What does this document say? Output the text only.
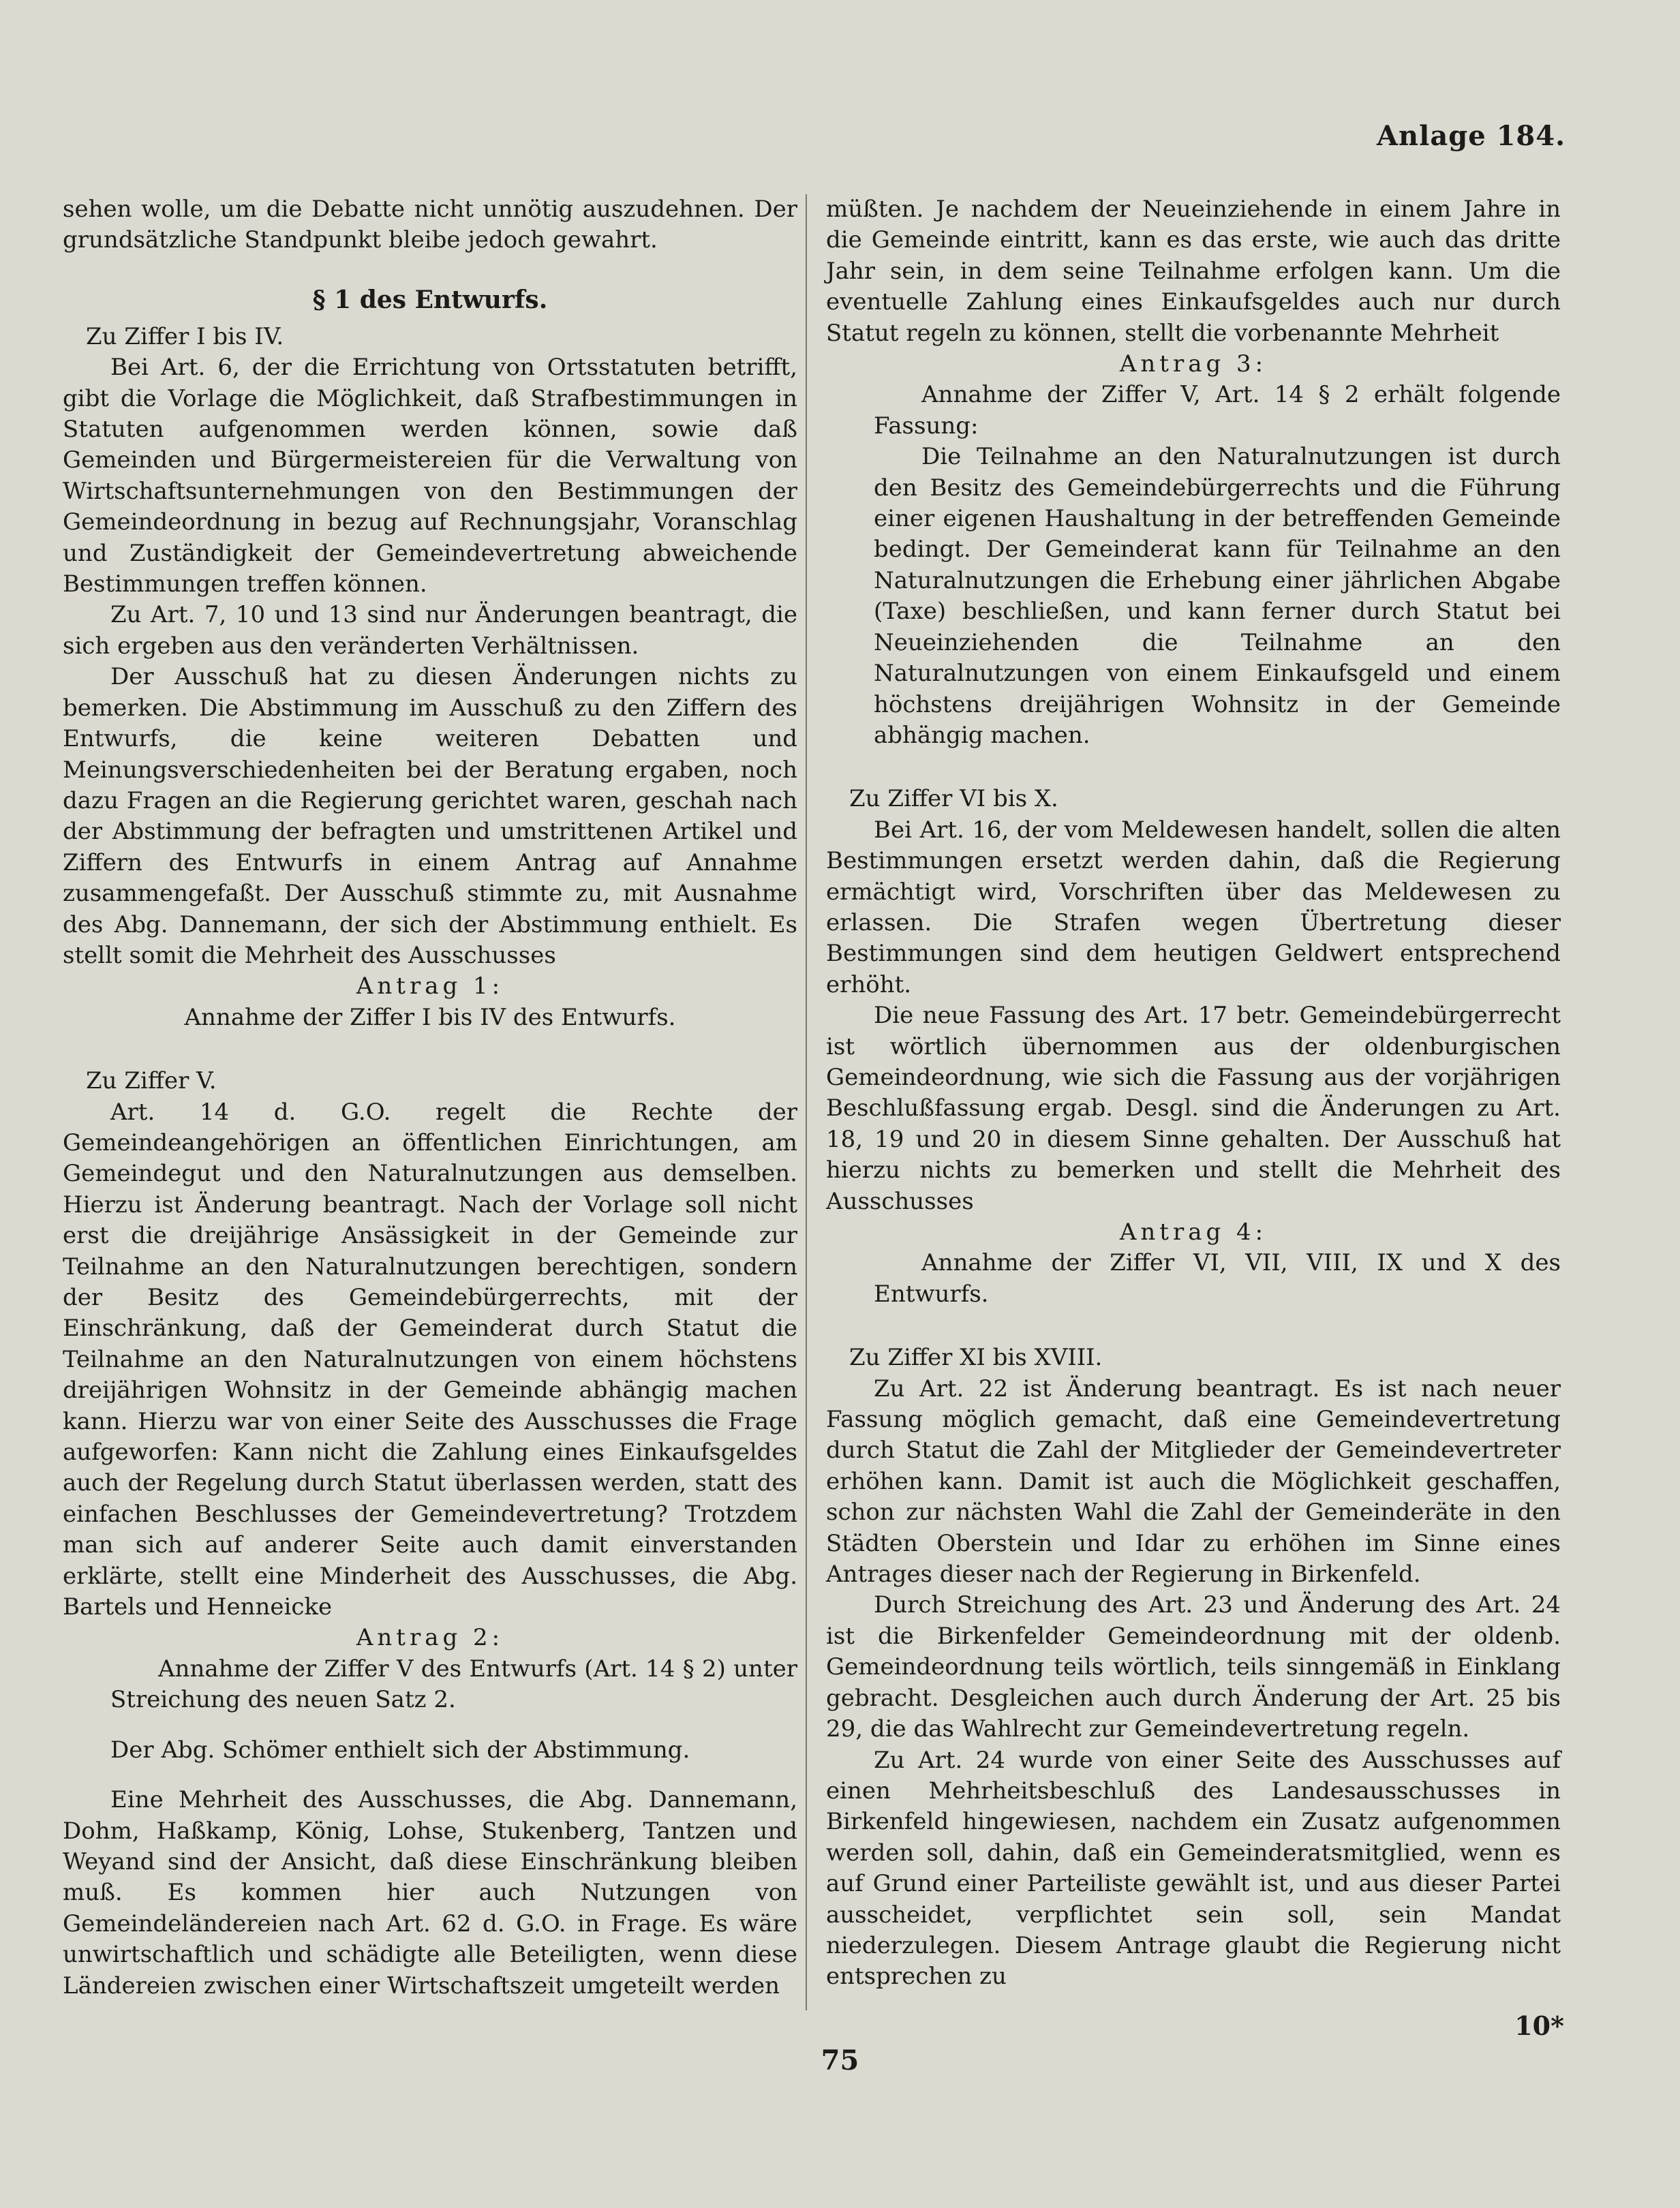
Anlage 184.

sehen wolle, um die Debatte nicht unnötig auszudehnen. Der grundsätzliche Standpunkt bleibe jedoch gewahrt.

§ 1 des Entwurfs.

Zu Ziffer I bis IV.

Bei Art. 6, der die Errichtung von Ortsstatuten betrifft, gibt die Vorlage die Möglichkeit, daß Strafbestimmungen in Statuten aufgenommen werden können, sowie daß Gemeinden und Bürgermeistereien für die Verwaltung von Wirtschaftsunternehmungen von den Bestimmungen der Gemeindeordnung in bezug auf Rechnungsjahr, Voranschlag und Zuständigkeit der Gemeindevertretung abweichende Bestimmungen treffen können.

Zu Art. 7, 10 und 13 sind nur Änderungen beantragt, die sich ergeben aus den veränderten Verhältnissen.

Der Ausschuß hat zu diesen Änderungen nichts zu bemerken. Die Abstimmung im Ausschuß zu den Ziffern des Entwurfs, die keine weiteren Debatten und Meinungsverschiedenheiten bei der Beratung ergaben, noch dazu Fragen an die Regierung gerichtet waren, geschah nach der Abstimmung der befragten und umstrittenen Artikel und Ziffern des Entwurfs in einem Antrag auf Annahme zusammengefaßt. Der Ausschuß stimmte zu, mit Ausnahme des Abg. Dannemann, der sich der Abstimmung enthielt. Es stellt somit die Mehrheit des Ausschusses

Antrag 1:

Annahme der Ziffer I bis IV des Entwurfs.

Zu Ziffer V.

Art. 14 d. G.O. regelt die Rechte der Gemeindeangehörigen an öffentlichen Einrichtungen, am Gemeindegut und den Naturalnutzungen aus demselben. Hierzu ist Änderung beantragt. Nach der Vorlage soll nicht erst die dreijährige Ansässigkeit in der Gemeinde zur Teilnahme an den Naturalnutzungen berechtigen, sondern der Besitz des Gemeindebürgerrechts, mit der Einschränkung, daß der Gemeinderat durch Statut die Teilnahme an den Naturalnutzungen von einem höchstens dreijährigen Wohnsitz in der Gemeinde abhängig machen kann. Hierzu war von einer Seite des Ausschusses die Frage aufgeworfen: Kann nicht die Zahlung eines Einkaufsgeldes auch der Regelung durch Statut überlassen werden, statt des einfachen Beschlusses der Gemeindevertretung? Trotzdem man sich auf anderer Seite auch damit einverstanden erklärte, stellt eine Minderheit des Ausschusses, die Abg. Bartels und Henneicke

Antrag 2:

Annahme der Ziffer V des Entwurfs (Art. 14 § 2) unter Streichung des neuen Satz 2.

Der Abg. Schömer enthielt sich der Abstimmung.

Eine Mehrheit des Ausschusses, die Abg. Dannemann, Dohm, Haßkamp, König, Lohse, Stukenberg, Tantzen und Weyand sind der Ansicht, daß diese Einschränkung bleiben muß. Es kommen hier auch Nutzungen von Gemeindeländereien nach Art. 62 d. G.O. in Frage. Es wäre unwirtschaftlich und schädigte alle Beteiligten, wenn diese Ländereien zwischen einer Wirtschaftszeit umgeteilt werden

müßten. Je nachdem der Neueinziehende in einem Jahre in die Gemeinde eintritt, kann es das erste, wie auch das dritte Jahr sein, in dem seine Teilnahme erfolgen kann. Um die eventuelle Zahlung eines Einkaufsgeldes auch nur durch Statut regeln zu können, stellt die vorbenannte Mehrheit

Antrag 3:

Annahme der Ziffer V, Art. 14 § 2 erhält folgende Fassung:

Die Teilnahme an den Naturalnutzungen ist durch den Besitz des Gemeindebürgerrechts und die Führung einer eigenen Haushaltung in der betreffenden Gemeinde bedingt. Der Gemeinderat kann für Teilnahme an den Naturalnutzungen die Erhebung einer jährlichen Abgabe (Taxe) beschließen, und kann ferner durch Statut bei Neueinziehenden die Teilnahme an den Naturalnutzungen von einem Einkaufsgeld und einem höchstens dreijährigen Wohnsitz in der Gemeinde abhängig machen.

Zu Ziffer VI bis X.

Bei Art. 16, der vom Meldewesen handelt, sollen die alten Bestimmungen ersetzt werden dahin, daß die Regierung ermächtigt wird, Vorschriften über das Meldewesen zu erlassen. Die Strafen wegen Übertretung dieser Bestimmungen sind dem heutigen Geldwert entsprechend erhöht.

Die neue Fassung des Art. 17 betr. Gemeindebürgerrecht ist wörtlich übernommen aus der oldenburgischen Gemeindeordnung, wie sich die Fassung aus der vorjährigen Beschlußfassung ergab. Desgl. sind die Änderungen zu Art. 18, 19 und 20 in diesem Sinne gehalten. Der Ausschuß hat hierzu nichts zu bemerken und stellt die Mehrheit des Ausschusses

Antrag 4:

Annahme der Ziffer VI, VII, VIII, IX und X des Entwurfs.

Zu Ziffer XI bis XVIII.

Zu Art. 22 ist Änderung beantragt. Es ist nach neuer Fassung möglich gemacht, daß eine Gemeindevertretung durch Statut die Zahl der Mitglieder der Gemeindevertreter erhöhen kann. Damit ist auch die Möglichkeit geschaffen, schon zur nächsten Wahl die Zahl der Gemeinderäte in den Städten Oberstein und Idar zu erhöhen im Sinne eines Antrages dieser nach der Regierung in Birkenfeld.

Durch Streichung des Art. 23 und Änderung des Art. 24 ist die Birkenfelder Gemeindeordnung mit der oldenb. Gemeindeordnung teils wörtlich, teils sinngemäß in Einklang gebracht. Desgleichen auch durch Änderung der Art. 25 bis 29, die das Wahlrecht zur Gemeindevertretung regeln.

Zu Art. 24 wurde von einer Seite des Ausschusses auf einen Mehrheitsbeschluß des Landesausschusses in Birkenfeld hingewiesen, nachdem ein Zusatz aufgenommen werden soll, dahin, daß ein Gemeinderatsmitglied, wenn es auf Grund einer Parteiliste gewählt ist, und aus dieser Partei ausscheidet, verpflichtet sein soll, sein Mandat niederzulegen. Diesem Antrage glaubt die Regierung nicht entsprechen zu

10*
75
